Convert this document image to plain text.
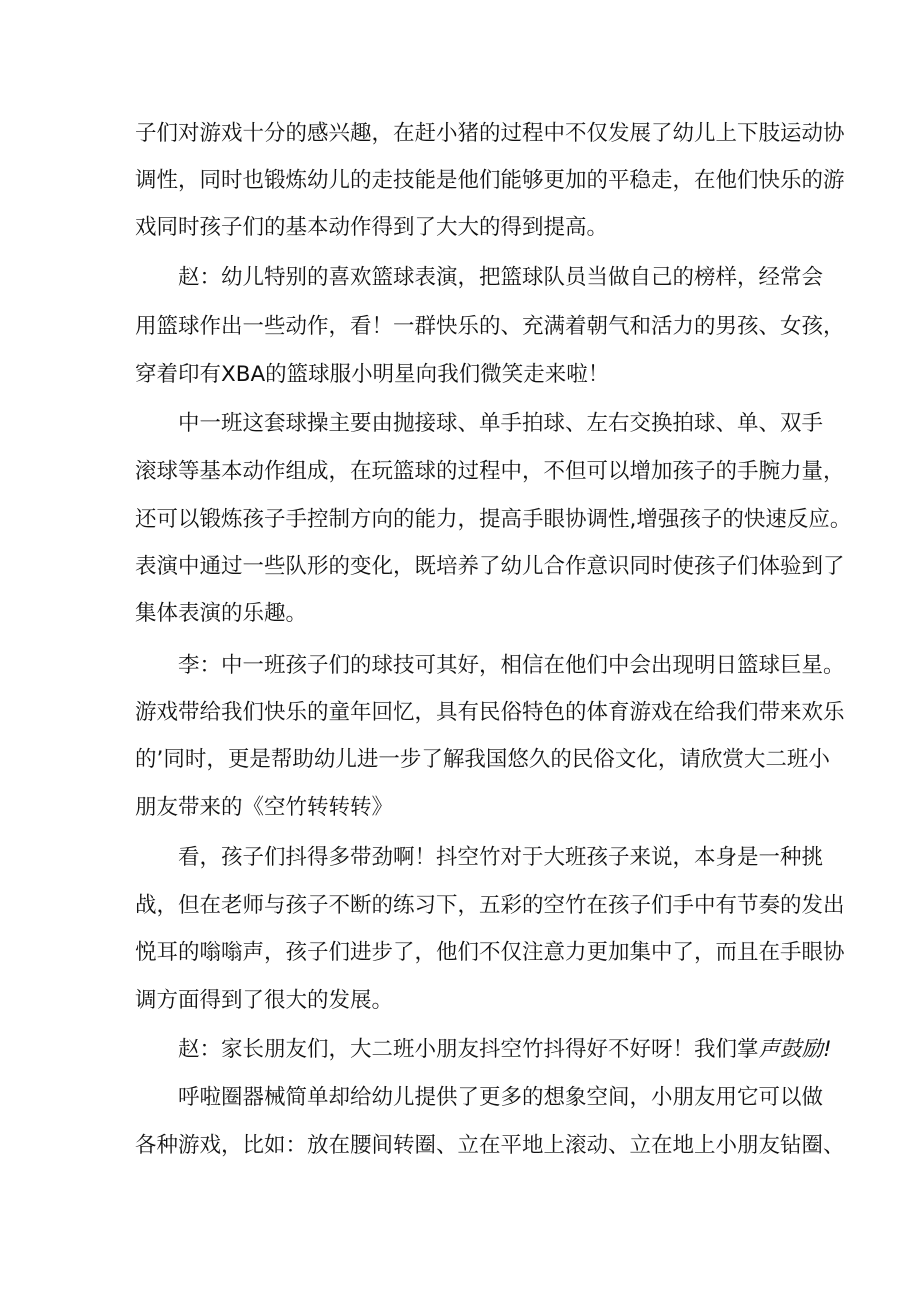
子们对游戏十分的感兴趣，在赶小猪的过程中不仅发展了幼儿上下肢运动协
调性，同时也锻炼幼儿的走技能是他们能够更加的平稳走，在他们快乐的游
戏同时孩子们的基本动作得到了大大的得到提高。
赵：幼儿特别的喜欢篮球表演，把篮球队员当做自己的榜样，经常会
用篮球作出一些动作，看！一群快乐的、充满着朝气和活力的男孩、女孩，
穿着印有XBA的篮球服小明星向我们微笑走来啦！
中一班这套球操主要由抛接球、单手拍球、左右交换拍球、单、双手
滚球等基本动作组成，在玩篮球的过程中，不但可以增加孩子的手腕力量，
还可以锻炼孩子手控制方向的能力，提高手眼协调性,增强孩子的快速反应。
表演中通过一些队形的变化，既培养了幼儿合作意识同时使孩子们体验到了
集体表演的乐趣。
李：中一班孩子们的球技可其好，相信在他们中会出现明日篮球巨星。
游戏带给我们快乐的童年回忆，具有民俗特色的体育游戏在给我们带来欢乐
的’同时，更是帮助幼儿进一步了解我国悠久的民俗文化，请欣赏大二班小
朋友带来的《空竹转转转》
看，孩子们抖得多带劲啊！抖空竹对于大班孩子来说，本身是一种挑
战，但在老师与孩子不断的练习下，五彩的空竹在孩子们手中有节奏的发出
悦耳的嗡嗡声，孩子们进步了，他们不仅注意力更加集中了，而且在手眼协
调方面得到了很大的发展。
赵：家长朋友们，大二班小朋友抖空竹抖得好不好呀！我们掌声鼓励!
呼啦圈器械简单却给幼儿提供了更多的想象空间，小朋友用它可以做
各种游戏，比如：放在腰间转圈、立在平地上滚动、立在地上小朋友钻圈、
